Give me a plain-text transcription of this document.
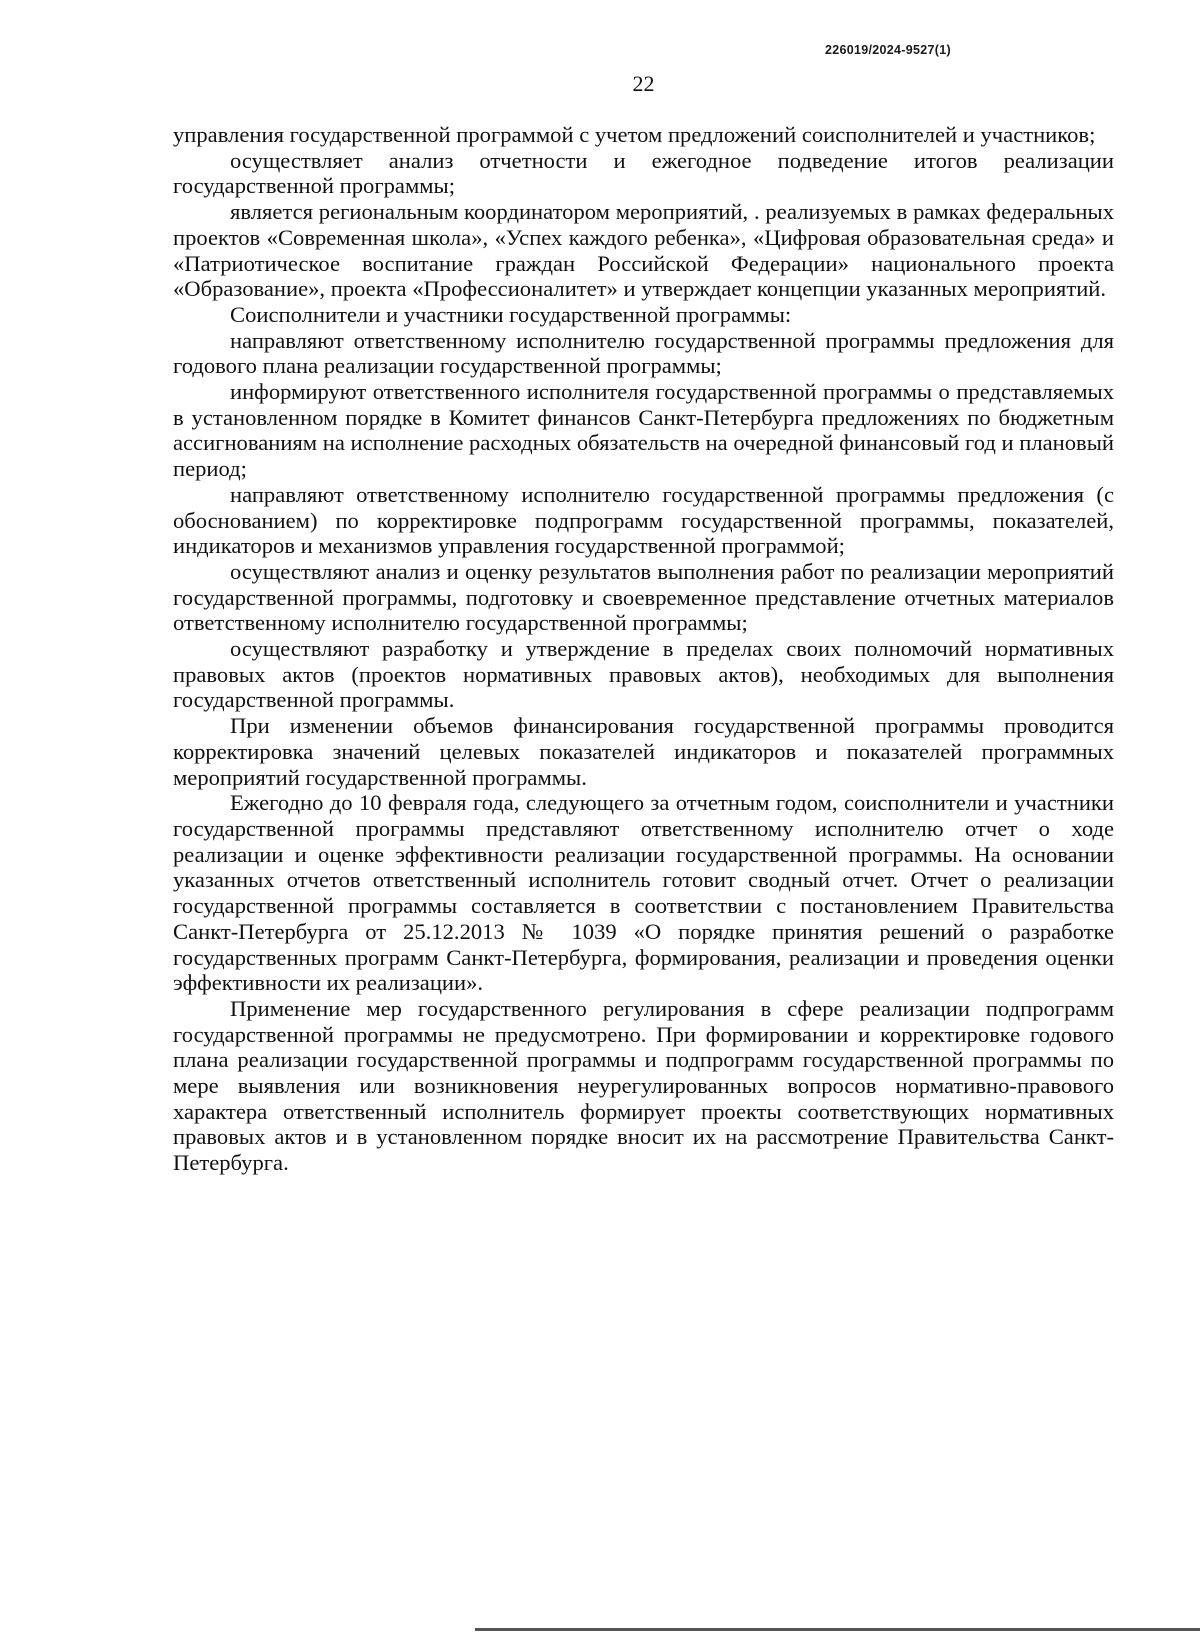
226019/2024-9527(1)
22

управления государственной программой с учетом предложений соисполнителей и участников;

осуществляет анализ отчетности и ежегодное подведение итогов реализации государственной программы;

является региональным координатором мероприятий, . реализуемых в рамках федеральных проектов «Современная школа», «Успех каждого ребенка», «Цифровая образовательная среда» и «Патриотическое воспитание граждан Российской Федерации» национального проекта «Образование», проекта «Профессионалитет» и утверждает концепции указанных мероприятий.

Соисполнители и участники государственной программы:

направляют ответственному исполнителю государственной программы предложения для годового плана реализации государственной программы;

информируют ответственного исполнителя государственной программы о представляемых в установленном порядке в Комитет финансов Санкт-Петербурга предложениях по бюджетным ассигнованиям на исполнение расходных обязательств на очередной финансовый год и плановый период;

направляют ответственному исполнителю государственной программы предложения (с обоснованием) по корректировке подпрограмм государственной программы, показателей, индикаторов и механизмов управления государственной программой;

осуществляют анализ и оценку результатов выполнения работ по реализации мероприятий государственной программы, подготовку и своевременное представление отчетных материалов ответственному исполнителю государственной программы;

осуществляют разработку и утверждение в пределах своих полномочий нормативных правовых актов (проектов нормативных правовых актов), необходимых для выполнения государственной программы.

При изменении объемов финансирования государственной программы проводится корректировка значений целевых показателей индикаторов и показателей программных мероприятий государственной программы.

Ежегодно до 10 февраля года, следующего за отчетным годом, соисполнители и участники государственной программы представляют ответственному исполнителю отчет о ходе реализации и оценке эффективности реализации государственной программы. На основании указанных отчетов ответственный исполнитель готовит сводный отчет. Отчет о реализации государственной программы составляется в соответствии с постановлением Правительства Санкт-Петербурга от 25.12.2013 № 1039 «О порядке принятия решений о разработке государственных программ Санкт-Петербурга, формирования, реализации и проведения оценки эффективности их реализации».

Применение мер государственного регулирования в сфере реализации подпрограмм государственной программы не предусмотрено. При формировании и корректировке годового плана реализации государственной программы и подпрограмм государственной программы по мере выявления или возникновения неурегулированных вопросов нормативно-правового характера ответственный исполнитель формирует проекты соответствующих нормативных правовых актов и в установленном порядке вносит их на рассмотрение Правительства Санкт-Петербурга.
